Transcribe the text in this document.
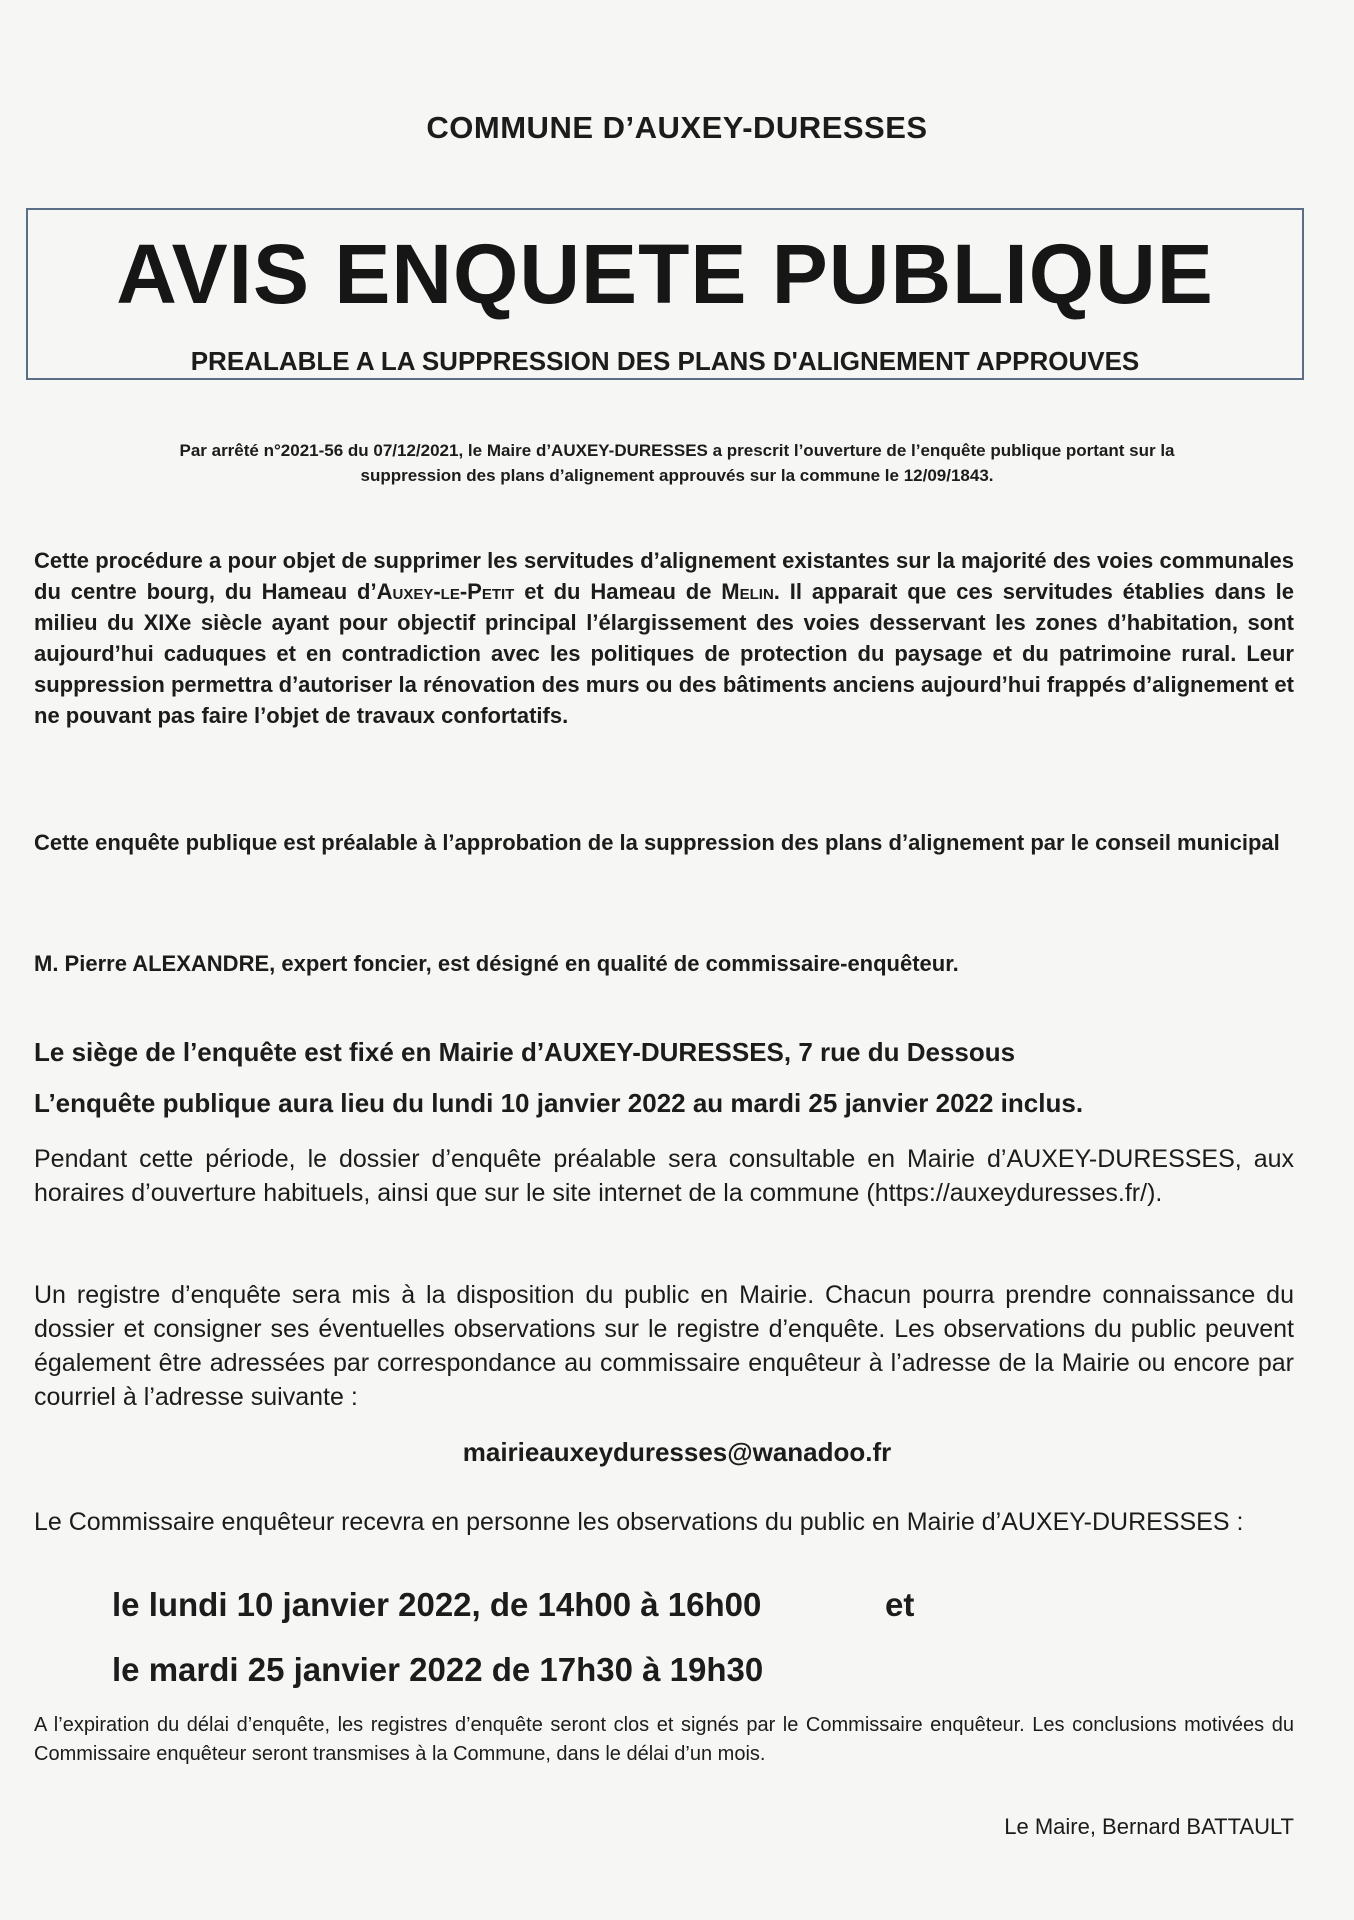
COMMUNE D’AUXEY-DURESSES
AVIS ENQUETE PUBLIQUE
PREALABLE A LA SUPPRESSION DES PLANS D'ALIGNEMENT APPROUVES
Par arrêté n°2021-56 du 07/12/2021, le Maire d’AUXEY-DURESSES a prescrit l’ouverture de l’enquête publique portant sur la
suppression des plans d’alignement approuvés sur la commune le 12/09/1843.
Cette procédure a pour objet de supprimer les servitudes d’alignement existantes sur la majorité des voies communales du centre bourg, du Hameau d’Auxey-le-Petit et du Hameau de Melin. Il apparait que ces servitudes établies dans le milieu du XIXe siècle ayant pour objectif principal l’élargissement des voies desservant les zones d’habitation, sont aujourd’hui caduques et en contradiction avec les politiques de protection du paysage et du patrimoine rural. Leur suppression permettra d’autoriser la rénovation des murs ou des bâtiments anciens aujourd’hui frappés d’alignement et ne pouvant pas faire l’objet de travaux confortatifs.
Cette enquête publique est préalable à l’approbation de la suppression des plans d’alignement par le conseil municipal
M. Pierre ALEXANDRE, expert foncier, est désigné en qualité de commissaire-enquêteur.
Le siège de l’enquête est fixé en Mairie d’AUXEY-DURESSES, 7 rue du Dessous
L’enquête publique aura lieu du lundi 10 janvier 2022 au mardi 25 janvier 2022 inclus.
Pendant cette période, le dossier d’enquête préalable sera consultable en Mairie d’AUXEY-DURESSES, aux horaires d’ouverture habituels, ainsi que sur le site internet de la commune (https://auxeyduresses.fr/).
Un registre d’enquête sera mis à la disposition du public en Mairie. Chacun pourra prendre connaissance du dossier et consigner ses éventuelles observations sur le registre d’enquête. Les observations du public peuvent également être adressées par correspondance au commissaire enquêteur à l’adresse de la Mairie ou encore par courriel à l’adresse suivante :
mairieauxeyduresses@wanadoo.fr
Le Commissaire enquêteur recevra en personne les observations du public en Mairie d’AUXEY-DURESSES :
le lundi 10 janvier 2022, de 14h00 à 16h00	et
le mardi 25 janvier 2022 de 17h30 à 19h30
A l’expiration du délai d’enquête, les registres d’enquête seront clos et signés par le Commissaire enquêteur. Les conclusions motivées du Commissaire enquêteur seront transmises à la Commune, dans le délai d’un mois.
Le Maire, Bernard BATTAULT
